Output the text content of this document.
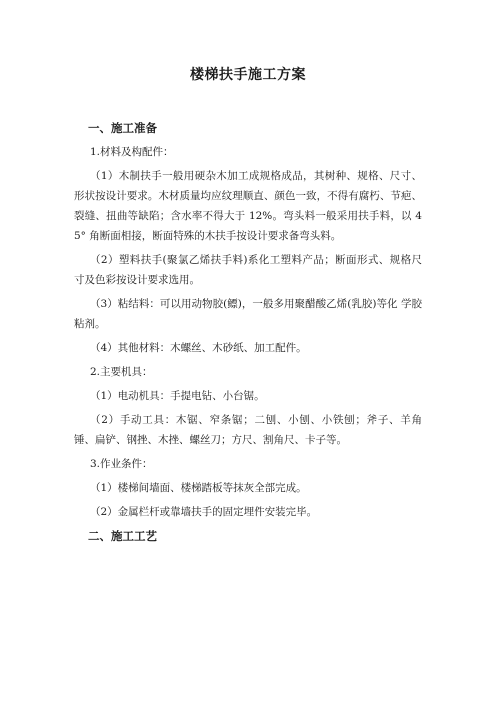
楼梯扶手施工方案
一、施工准备
1.材料及构配件：
（1）木制扶手一般用硬杂木加工成规格成品，其树种、规格、尺寸、形状按设计要求。木材质量均应纹理顺直、颜色一致，不得有腐朽、节疤、裂缝、扭曲等缺陷；含水率不得大于 12%。弯头料一般采用扶手料，以 45° 角断面相接，断面特殊的木扶手按设计要求备弯头料。
（2）塑料扶手(聚氯乙烯扶手料)系化工塑料产品；断面形式、规格尺 寸及色彩按设计要求选用。
（3）粘结料：可以用动物胶(鳔)，一般多用聚醋酸乙烯(乳胶)等化 学胶粘剂。
（4）其他材料：木螺丝、木砂纸、加工配件。
2.主要机具：
（1）电动机具：手提电钻、小台锯。
（2）手动工具：木锯、窄条锯；二刨、小刨、小铁刨；斧子、羊角锤、扁铲、钢挫、木挫、螺丝刀；方尺、割角尺、卡子等。
3.作业条件：
（1）楼梯间墙面、楼梯踏板等抹灰全部完成。
（2）金属栏杆或靠墙扶手的固定埋件安装完毕。
二、施工工艺
